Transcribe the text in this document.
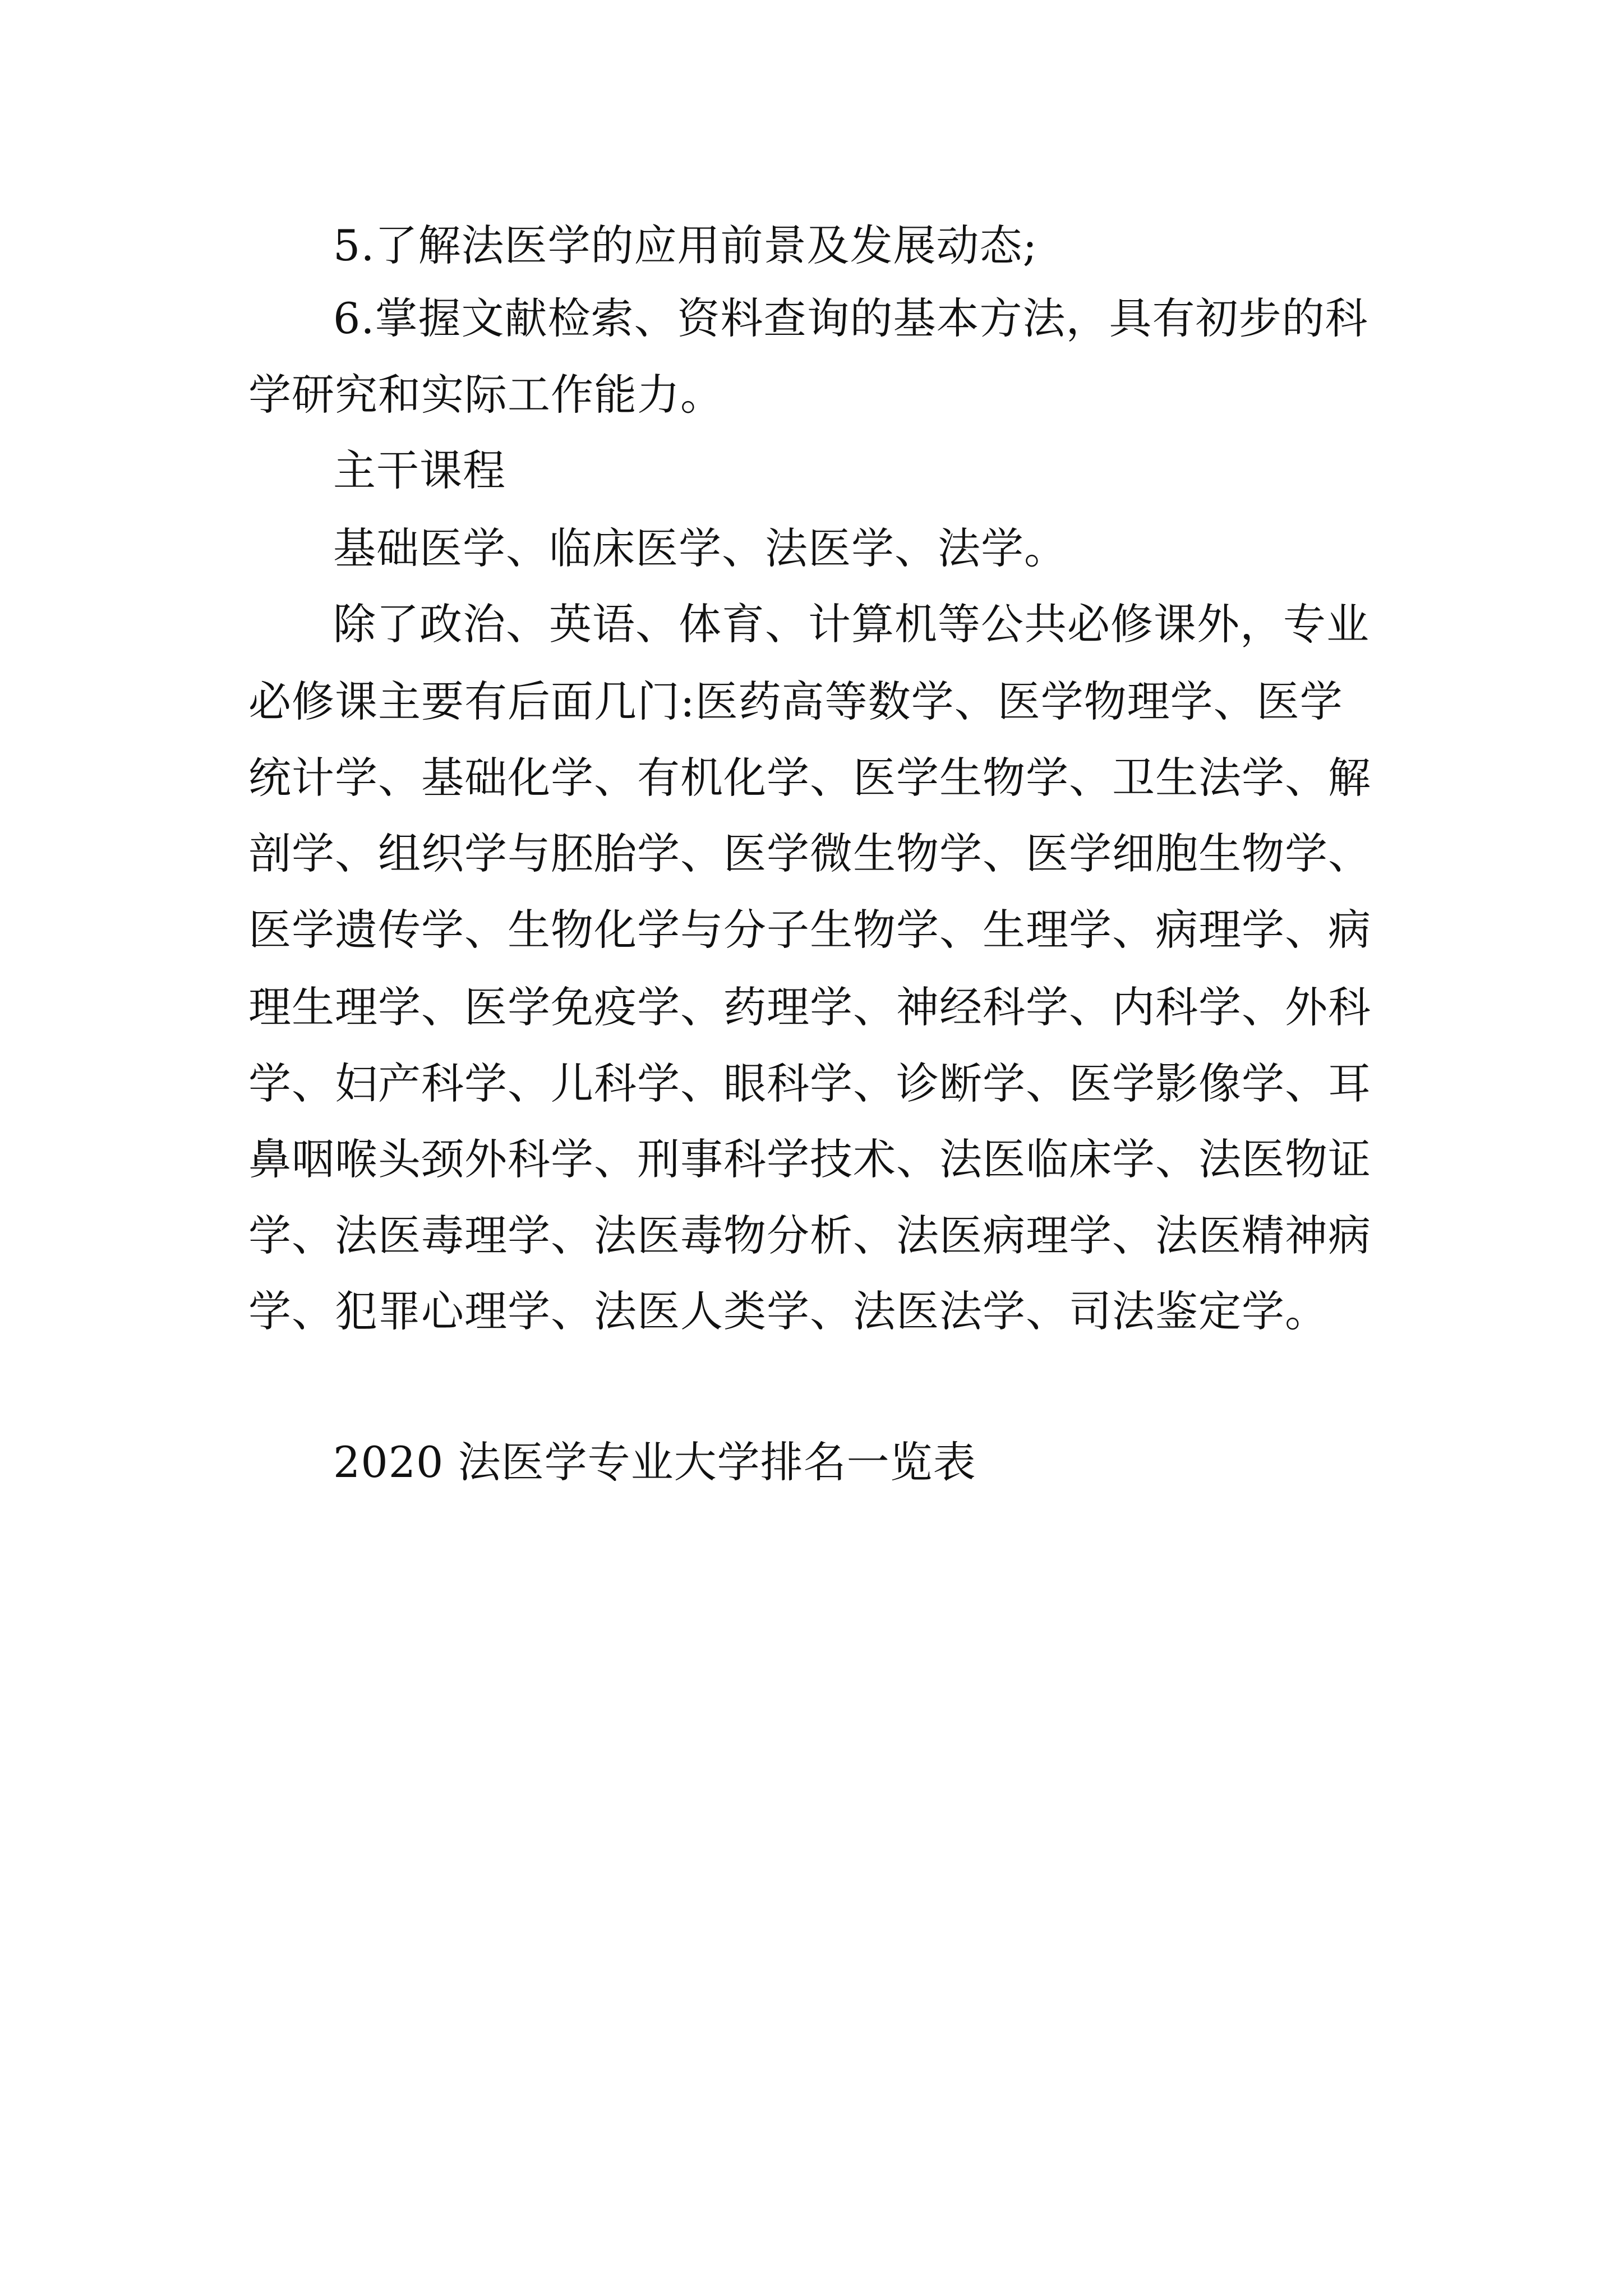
5.了解法医学的应用前景及发展动态;
6.掌握文献检索、资料查询的基本方法，具有初步的科
学研究和实际工作能力。
主干课程
基础医学、临床医学、法医学、法学。
除了政治、英语、体育、计算机等公共必修课外，专业
必修课主要有后面几门:医药高等数学、医学物理学、医学
统计学、基础化学、有机化学、医学生物学、卫生法学、解
剖学、组织学与胚胎学、医学微生物学、医学细胞生物学、
医学遗传学、生物化学与分子生物学、生理学、病理学、病
理生理学、医学免疫学、药理学、神经科学、内科学、外科
学、妇产科学、儿科学、眼科学、诊断学、医学影像学、耳
鼻咽喉头颈外科学、刑事科学技术、法医临床学、法医物证
学、法医毒理学、法医毒物分析、法医病理学、法医精神病
学、犯罪心理学、法医人类学、法医法学、司法鉴定学。
2020 法医学专业大学排名一览表
